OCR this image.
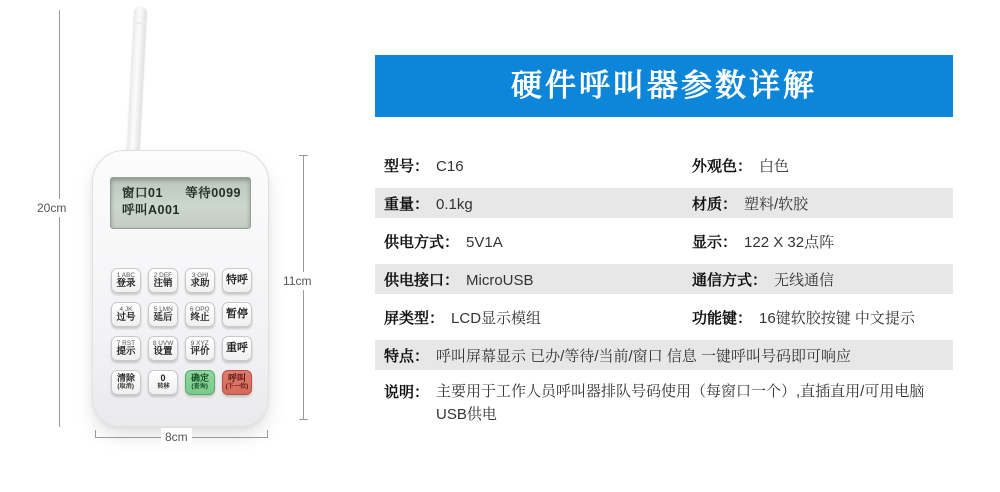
窗口01 等待0099
呼叫A001
1 ABC
登录
2 DEF
注销
3 GHI
求助 特呼
4 JK
过号
5 LMN
延后
6 OPQ
终止 暂停
7 RST
提示
8 UVW
设置
9 XYZ
评价 重呼
清除
(取消)
0
转移
确定
(查询)
呼叫
(下一位)
20cm
11cm
8cm
硬件呼叫器参数详解
型号： C16	外观色： 白色
重量： 0.1kg	材质： 塑料/软胶
供电方式： 5V1A	显示： 122 X 32点阵
供电接口： MicroUSB	通信方式： 无线通信
屏类型： LCD显示模组	功能键： 16键软胶按键 中文提示
特点： 呼叫屏幕显示 已办/等待/当前/窗口 信息 一键呼叫号码即可响应
说明： 主要用于工作人员呼叫器排队号码使用（每窗口一个）,直插直用/可用电脑USB供电
